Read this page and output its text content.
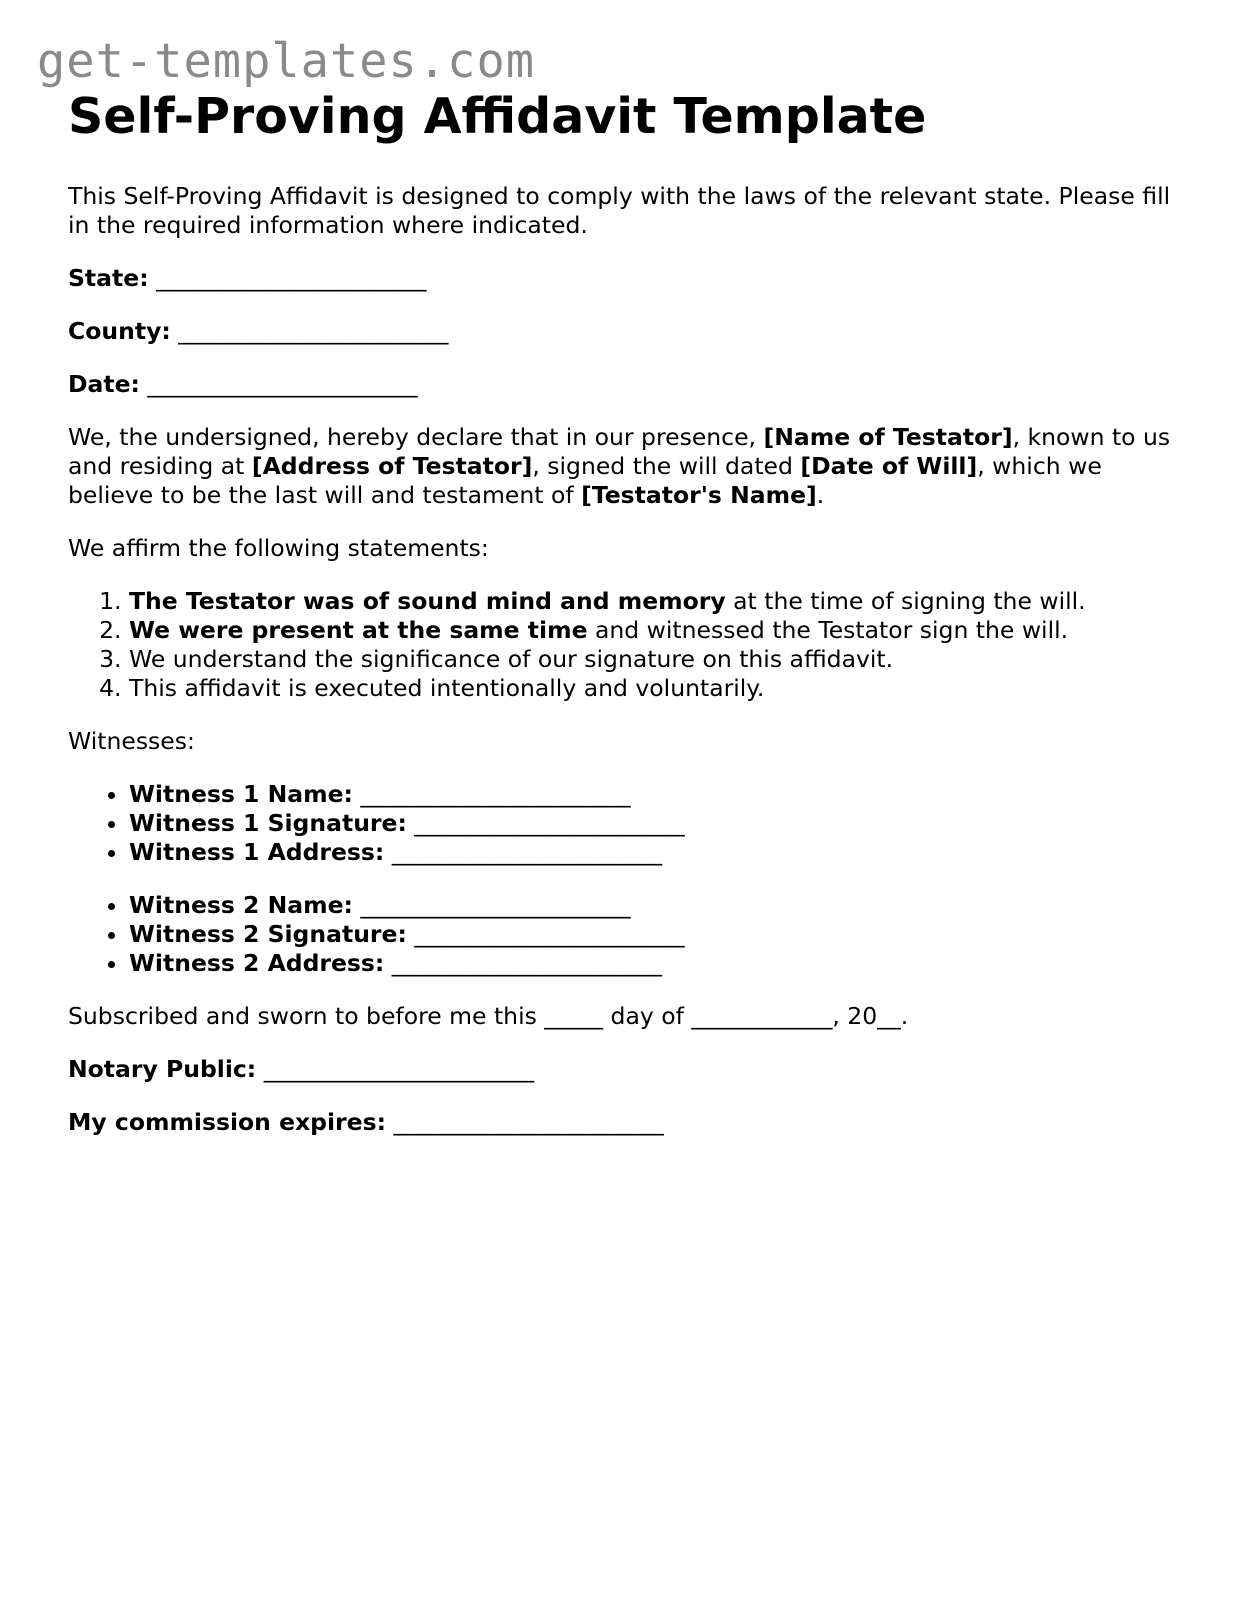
get-templates.com
Self-Proving Affidavit Template

This Self-Proving Affidavit is designed to comply with the laws of the relevant state. Please fill in the required information where indicated.

State: _______________________

County: _______________________

Date: _______________________

We, the undersigned, hereby declare that in our presence, [Name of Testator], known to us and residing at [Address of Testator], signed the will dated [Date of Will], which we believe to be the last will and testament of [Testator's Name].

We affirm the following statements:

1. The Testator was of sound mind and memory at the time of signing the will.
2. We were present at the same time and witnessed the Testator sign the will.
3. We understand the significance of our signature on this affidavit.
4. This affidavit is executed intentionally and voluntarily.

Witnesses:

• Witness 1 Name: _______________________
• Witness 1 Signature: _______________________
• Witness 1 Address: _______________________
• Witness 2 Name: _______________________
• Witness 2 Signature: _______________________
• Witness 2 Address: _______________________

Subscribed and sworn to before me this _____ day of ____________, 20__.

Notary Public: _______________________

My commission expires: _______________________
